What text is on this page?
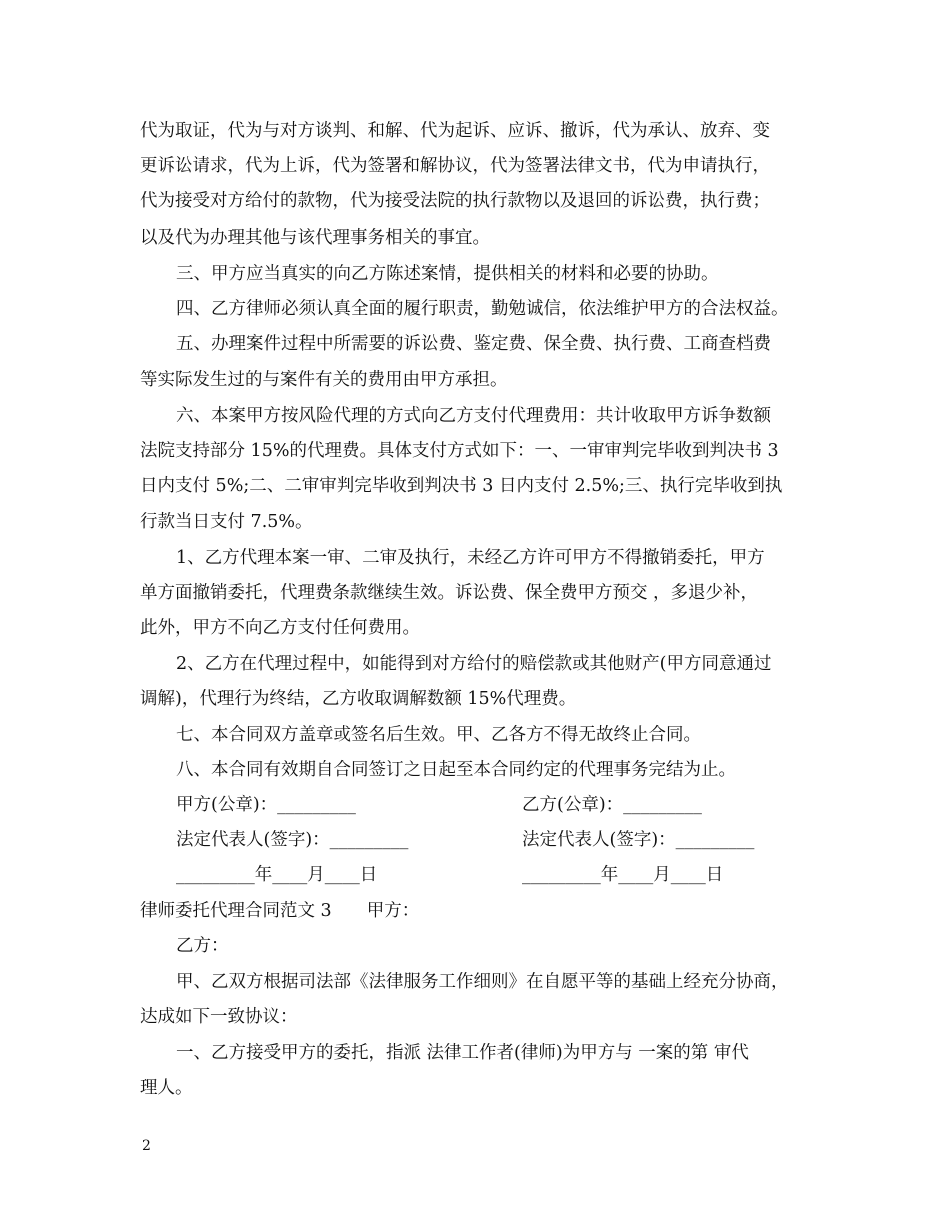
代为取证，代为与对方谈判、和解、代为起诉、应诉、撤诉，代为承认、放弃、变
更诉讼请求，代为上诉，代为签署和解协议，代为签署法律文书，代为申请执行，
代为接受对方给付的款物，代为接受法院的执行款物以及退回的诉讼费，执行费；
以及代为办理其他与该代理事务相关的事宜。
三、甲方应当真实的向乙方陈述案情，提供相关的材料和必要的协助。
四、乙方律师必须认真全面的履行职责，勤勉诚信，依法维护甲方的合法权益。
五、办理案件过程中所需要的诉讼费、鉴定费、保全费、执行费、工商查档费
等实际发生过的与案件有关的费用由甲方承担。
六、本案甲方按风险代理的方式向乙方支付代理费用：共计收取甲方诉争数额
法院支持部分 15%的代理费。具体支付方式如下：一、一审审判完毕收到判决书 3
日内支付 5%;二、二审审判完毕收到判决书 3 日内支付 2.5%;三、执行完毕收到执
行款当日支付 7.5%。
1、乙方代理本案一审、二审及执行，未经乙方许可甲方不得撤销委托，甲方
单方面撤销委托，代理费条款继续生效。诉讼费、保全费甲方预交 ，多退少补，
此外，甲方不向乙方支付任何费用。
2、乙方在代理过程中，如能得到对方给付的赔偿款或其他财产(甲方同意通过
调解)，代理行为终结，乙方收取调解数额 15%代理费。
七、本合同双方盖章或签名后生效。甲、乙各方不得无故终止合同。
八、本合同有效期自合同签订之日起至本合同约定的代理事务完结为止。
甲方(公章)：_________	乙方(公章)：_________
法定代表人(签字)：_________	法定代表人(签字)：_________
_________年____月____日	_________年____月____日
律师委托代理合同范文 3　　甲方：
乙方：
甲、乙双方根据司法部《法律服务工作细则》在自愿平等的基础上经充分协商，
达成如下一致协议：
一、乙方接受甲方的委托，指派 法律工作者(律师)为甲方与 一案的第 审代
理人。
2
